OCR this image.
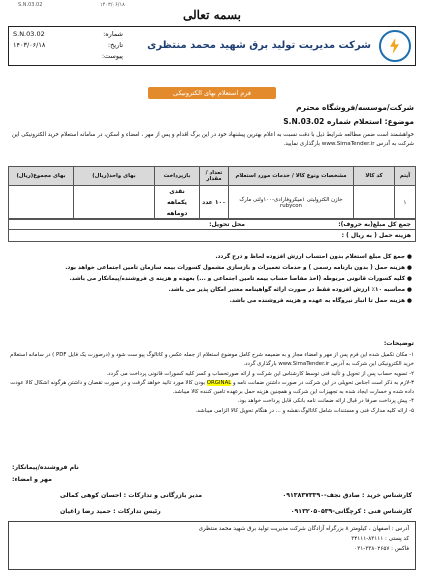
S.N.03.02	۱۴۰۳/۰۶/۱۸
بسمه تعالی
شرکت مدیریت تولید برق شهید محمد منتظری
S.N.03.02	شماره:
۱۴۰۳/۰۶/۱۸	تاریخ:
پیوست:
فرم استعلام بهای الکترونیکی
شرکت/موسسه/فروشگاه محترم
موضوع: استعلام شماره S.N.03.02
خواهشمند است ضمن مطالعه شرایط ذیل با دقت نسبت به اعلام بهترین پیشنهاد خود در این برگ اقدام و پس از مهر ، امضاء و اسکن، در سامانه استعلام خرید الکترونیکی این شرکت به آدرس www.SimaTender.ir بارگذاری نمایید.
آیتم	کد کالا	مشخصات ونوع کالا / خدمات مورد استعلام	تعداد / مقدار	بازپرداخت	بهای واحد(ریال)	بهای مجموع(ریال)
۱		خازن الکترولیتی ۱میکروفارادی-۱۰۰ولتی مارک rubycon	۱۰۰ عدد	نقدی
یکماهه
دوماهه		

جمع کل مبلغ(به حروف):
محل تحویل:
هزینه حمل ( به ریال ) :
● جمع کل مبلغ استعلام بدون احتساب ارزش افزوده لحاظ و درج گردد.
● هزینه حمل ( بدون بارنامه رسمی ) و خدمات تعمیرات و بازسازی مشمول کسورات بیمه سازمان تامین اجتماعی خواهد بود.
● کلیه کسورات قانونی مربوطه (اخذ مفاصا حساب بیمه تامین اجتماعی و ...) بعهده و هزینه ی فروشنده/پیمانکار می باشد.
● محاسبه ۱۰٪ ارزش افزوده فقط در صورت ارائه گواهینامه معتبر امکان پذیر می باشد.
● هزینه حمل تا انبار نیروگاه به عهده و هزینه فروشنده می باشد.
توضیحات:
۱- مکان تکمیل شده این فرم پس از مهر و امضاء مجاز و به ضمیمه شرح کامل موضوع استعلام از جمله عکس و کاتالوگ پیو ست شود و (درصورت یک فایل PDF ) در سامانه استعلام خرید الکترونیکی این شرکت به آدرس www.SimaTender.ir بارگذاری گردد.
۲- تسویه حساب پس از تحویل و تأئید فنی توسط کارشناس این شرکت و ارائه صورتحساب و کسر کلیه کسورات قانونی پرداخت می گردد.
۳-لازم به ذکر است اجناس تحویلی در این شرکت در صورت داشتن ضمانت نامه و ORGINAL بودن کالا مورد تائید خواهد گرفت و در صورت نقصان و داشتن هرگونه اشکال کالا عودت داده شده و خسارت ایجاد شده به تجهیزات این شرکت و همچنین هزینه حمل برعهده تامین کننده کالا میباشد.
۴- پیش پرداخت صرفا در قبال ارائه ضمانت نامه بانکی قابل پرداخت خواهد بود.
۵- ارائه کلیه مدارک فنی و مستندات شامل کاتالوگ،نقشه و ... در هنگام تحویل کالا الزامی میباشد.
نام فروشنده/پیمانکار:
مهر و امضاء:
کارشناس خرید : صادق نجف-۰۹۱۳۸۳۷۳۳۹۰
کارشناس فنی : کرچگانی-۰۹۱۳۲۰۵۰۵۳۹
مدیر بازرگانی و تدارکات : احسان کوهی کمالی
رئیس تدارکات : حمید رضا زاغیان
آدرس : اصفهان ، کیلومتر ۸ بزرگراه آزادگان شرکت مدیریت تولید برق شهید محمد منتظری
کد پستی : ۸۳۱۱۱-۳۴۱۱۱
فاکس : ۳۳۸۰۲۶۵۷-۰۳۱
